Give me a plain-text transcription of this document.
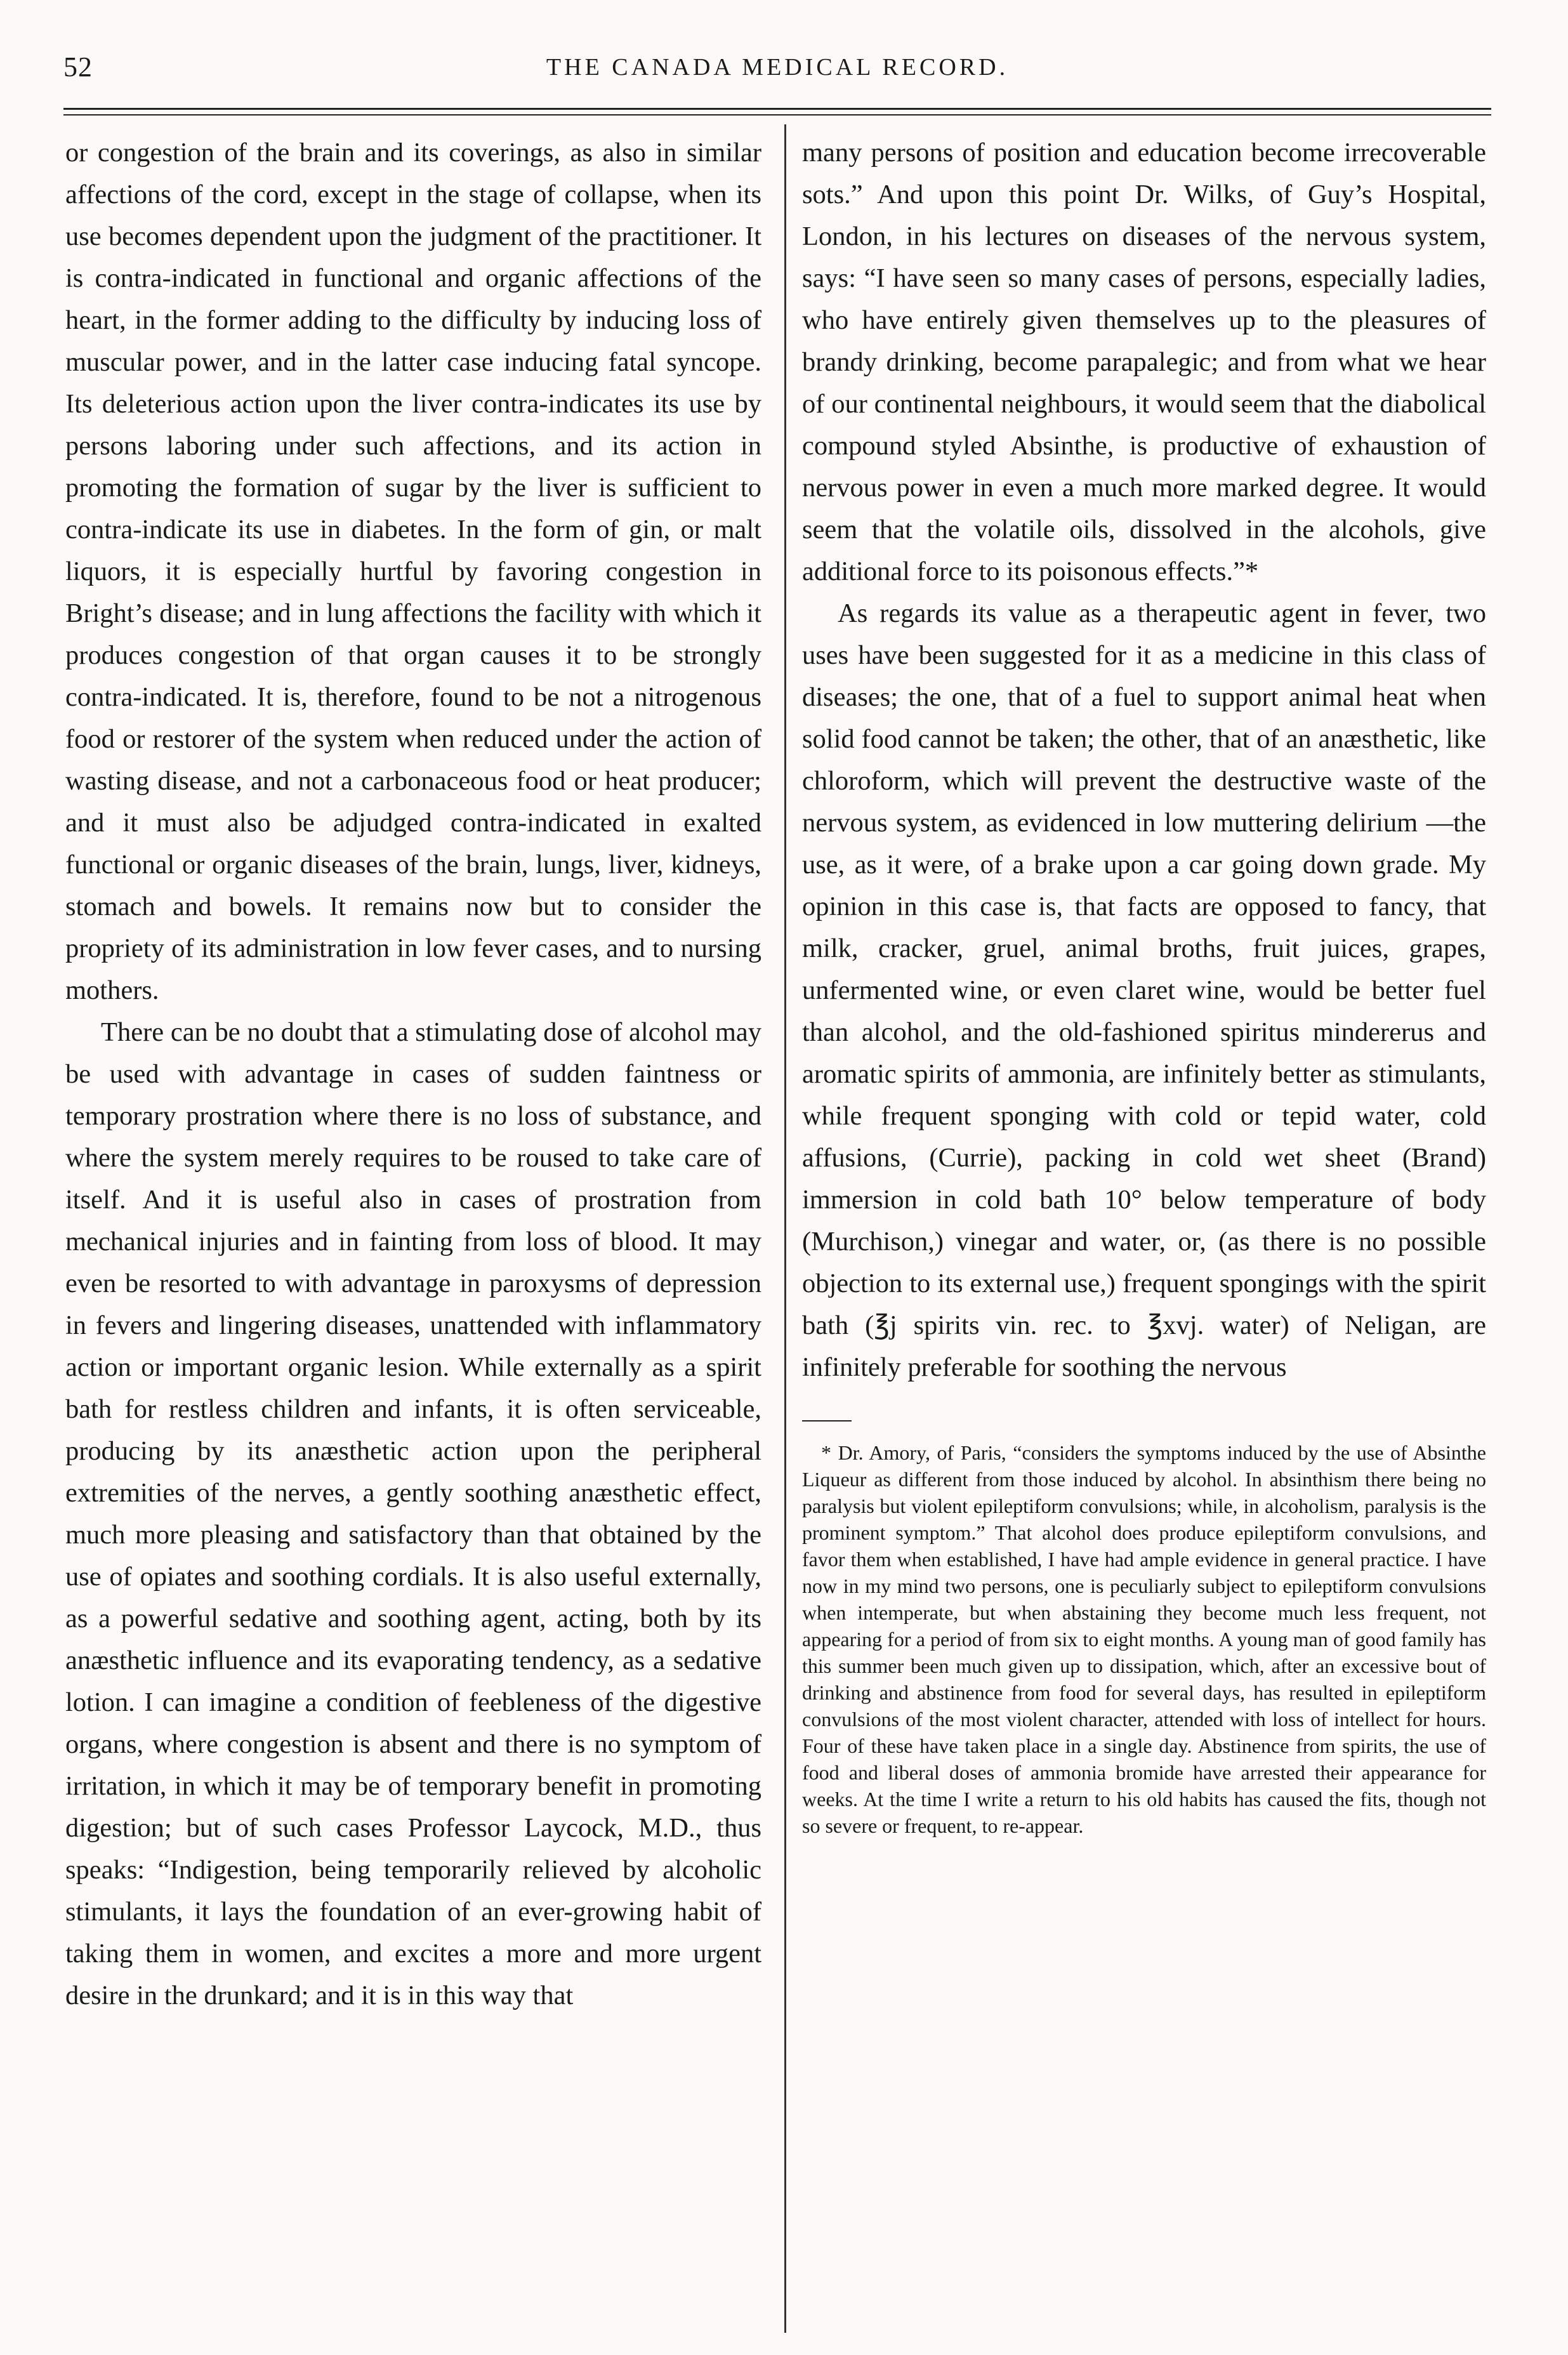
52	THE CANADA MEDICAL RECORD.

or congestion of the brain and its coverings, as also in similar affections of the cord, except in the stage of collapse, when its use becomes dependent upon the judgment of the practitioner. It is contra-indicated in functional and organic affections of the heart, in the former adding to the difficulty by inducing loss of muscular power, and in the latter case inducing fatal syncope. Its deleterious action upon the liver contra-indicates its use by persons laboring under such affections, and its action in promoting the formation of sugar by the liver is sufficient to contra-indicate its use in diabetes. In the form of gin, or malt liquors, it is especially hurtful by favoring congestion in Bright’s disease; and in lung affections the facility with which it produces congestion of that organ causes it to be strongly contra-indicated. It is, therefore, found to be not a nitrogenous food or restorer of the system when reduced under the action of wasting disease, and not a carbonaceous food or heat producer; and it must also be adjudged contra-indicated in exalted functional or organic diseases of the brain, lungs, liver, kidneys, stomach and bowels. It remains now but to consider the propriety of its administration in low fever cases, and to nursing mothers.

There can be no doubt that a stimulating dose of alcohol may be used with advantage in cases of sudden faintness or temporary prostration where there is no loss of substance, and where the system merely requires to be roused to take care of itself. And it is useful also in cases of prostration from mechanical injuries and in fainting from loss of blood. It may even be resorted to with advantage in paroxysms of depression in fevers and lingering diseases, unattended with inflammatory action or important organic lesion. While externally as a spirit bath for restless children and infants, it is often serviceable, producing by its anæsthetic action upon the peripheral extremities of the nerves, a gently soothing anæsthetic effect, much more pleasing and satisfactory than that obtained by the use of opiates and soothing cordials. It is also useful externally, as a powerful sedative and soothing agent, acting, both by its anæsthetic influence and its evaporating tendency, as a sedative lotion. I can imagine a condition of feebleness of the digestive organs, where congestion is absent and there is no symptom of irritation, in which it may be of temporary benefit in promoting digestion; but of such cases Professor Laycock, M.D., thus speaks: “Indigestion, being temporarily relieved by alcoholic stimulants, it lays the foundation of an ever-growing habit of taking them in women, and excites a more and more urgent desire in the drunkard; and it is in this way that

many persons of position and education become irrecoverable sots.” And upon this point Dr. Wilks, of Guy’s Hospital, London, in his lectures on diseases of the nervous system, says: “I have seen so many cases of persons, especially ladies, who have entirely given themselves up to the pleasures of brandy drinking, become parapalegic; and from what we hear of our continental neighbours, it would seem that the diabolical compound styled Absinthe, is productive of exhaustion of nervous power in even a much more marked degree. It would seem that the volatile oils, dissolved in the alcohols, give additional force to its poisonous effects.”*

As regards its value as a therapeutic agent in fever, two uses have been suggested for it as a medicine in this class of diseases; the one, that of a fuel to support animal heat when solid food cannot be taken; the other, that of an anæsthetic, like chloroform, which will prevent the destructive waste of the nervous system, as evidenced in low muttering delirium —the use, as it were, of a brake upon a car going down grade. My opinion in this case is, that facts are opposed to fancy, that milk, cracker, gruel, animal broths, fruit juices, grapes, unfermented wine, or even claret wine, would be better fuel than alcohol, and the old-fashioned spiritus mindererus and aromatic spirits of ammonia, are infinitely better as stimulants, while frequent sponging with cold or tepid water, cold affusions, (Currie), packing in cold wet sheet (Brand) immersion in cold bath 10° below temperature of body (Murchison,) vinegar and water, or, (as there is no possible objection to its external use,) frequent spongings with the spirit bath (℥j spirits vin. rec. to ℥xvj. water) of Neligan, are infinitely preferable for soothing the nervous

* Dr. Amory, of Paris, “considers the symptoms induced by the use of Absinthe Liqueur as different from those induced by alcohol. In absinthism there being no paralysis but violent epileptiform convulsions; while, in alcoholism, paralysis is the prominent symptom.” That alcohol does produce epileptiform convulsions, and favor them when established, I have had ample evidence in general practice. I have now in my mind two persons, one is peculiarly subject to epileptiform convulsions when intemperate, but when abstaining they become much less frequent, not appearing for a period of from six to eight months. A young man of good family has this summer been much given up to dissipation, which, after an excessive bout of drinking and abstinence from food for several days, has resulted in epileptiform convulsions of the most violent character, attended with loss of intellect for hours. Four of these have taken place in a single day. Abstinence from spirits, the use of food and liberal doses of ammonia bromide have arrested their appearance for weeks. At the time I write a return to his old habits has caused the fits, though not so severe or frequent, to re-appear.
